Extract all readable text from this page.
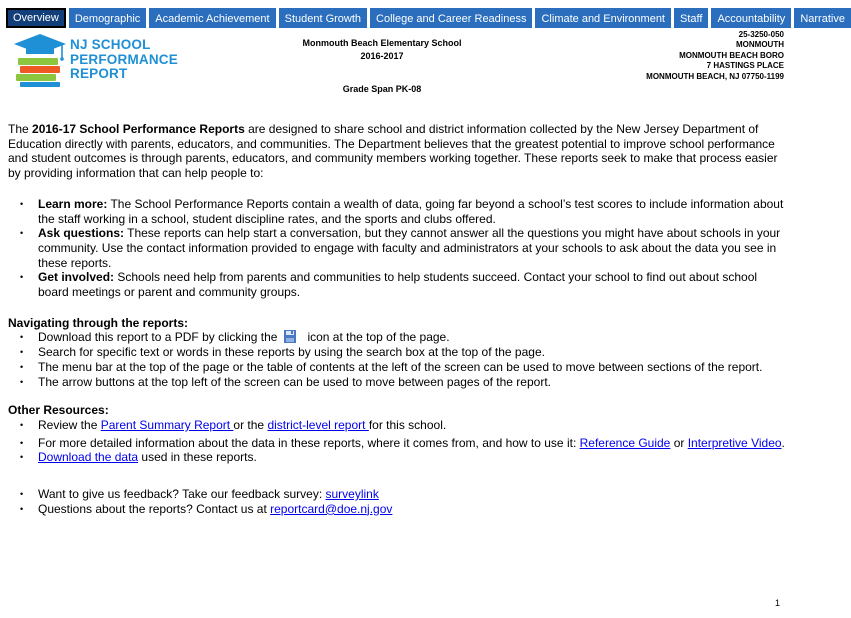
Overview	Demographic	Academic Achievement	Student Growth	College and Career Readiness	Climate and Environment	Staff	Accountability	Narrative
NJ SCHOOL
PERFORMANCE
REPORT
Monmouth Beach Elementary School
2016-2017
Grade Span PK-08
25-3250-050
MONMOUTH
MONMOUTH BEACH BORO
7 HASTINGS PLACE
MONMOUTH BEACH, NJ 07750-1199

The 2016-17 School Performance Reports are designed to share school and district information collected by the New Jersey Department of Education directly with parents, educators, and communities. The Department believes that the greatest potential to improve school performance and student outcomes is through parents, educators, and community members working together. These reports seek to make that process easier by providing information that can help people to:

• Learn more: The School Performance Reports contain a wealth of data, going far beyond a school’s test scores to include information about the staff working in a school, student discipline rates, and the sports and clubs offered.
• Ask questions: These reports can help start a conversation, but they cannot answer all the questions you might have about schools in your community. Use the contact information provided to engage with faculty and administrators at your schools to ask about the data you see in these reports.
• Get involved: Schools need help from parents and communities to help students succeed. Contact your school to find out about school board meetings or parent and community groups.
Navigating through the reports:
• Download this report to a PDF by clicking the	icon at the top of the page.
• Search for specific text or words in these reports by using the search box at the top of the page.
• The menu bar at the top of the page or the table of contents at the left of the screen can be used to move between sections of the report.
• The arrow buttons at the top left of the screen can be used to move between pages of the report.
Other Resources:
• Review the Parent Summary Report or the district-level report for this school.
• For more detailed information about the data in these reports, where it comes from, and how to use it: Reference Guide or Interpretive Video.
• Download the data used in these reports.
• Want to give us feedback? Take our feedback survey: surveylink
• Questions about the reports? Contact us at reportcard@doe.nj.gov
1
